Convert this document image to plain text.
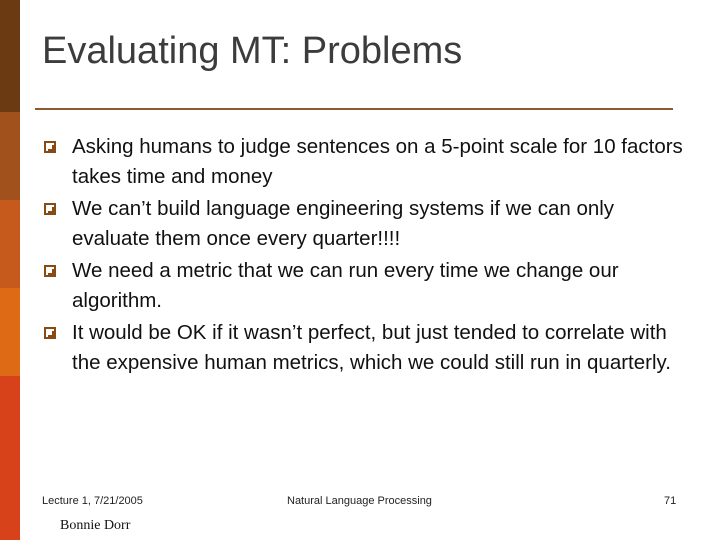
Evaluating MT: Problems
Asking humans to judge sentences on a 5-point scale for 10 factors takes time and money
We can’t build language engineering systems if we can only evaluate them once every quarter!!!!
We need a metric that we can run every time we change our algorithm.
It would be OK if it wasn’t perfect, but just tended to correlate with the expensive human metrics, which we could still run in quarterly.
Lecture 1, 7/21/2005	Natural Language Processing	71
Bonnie Dorr
